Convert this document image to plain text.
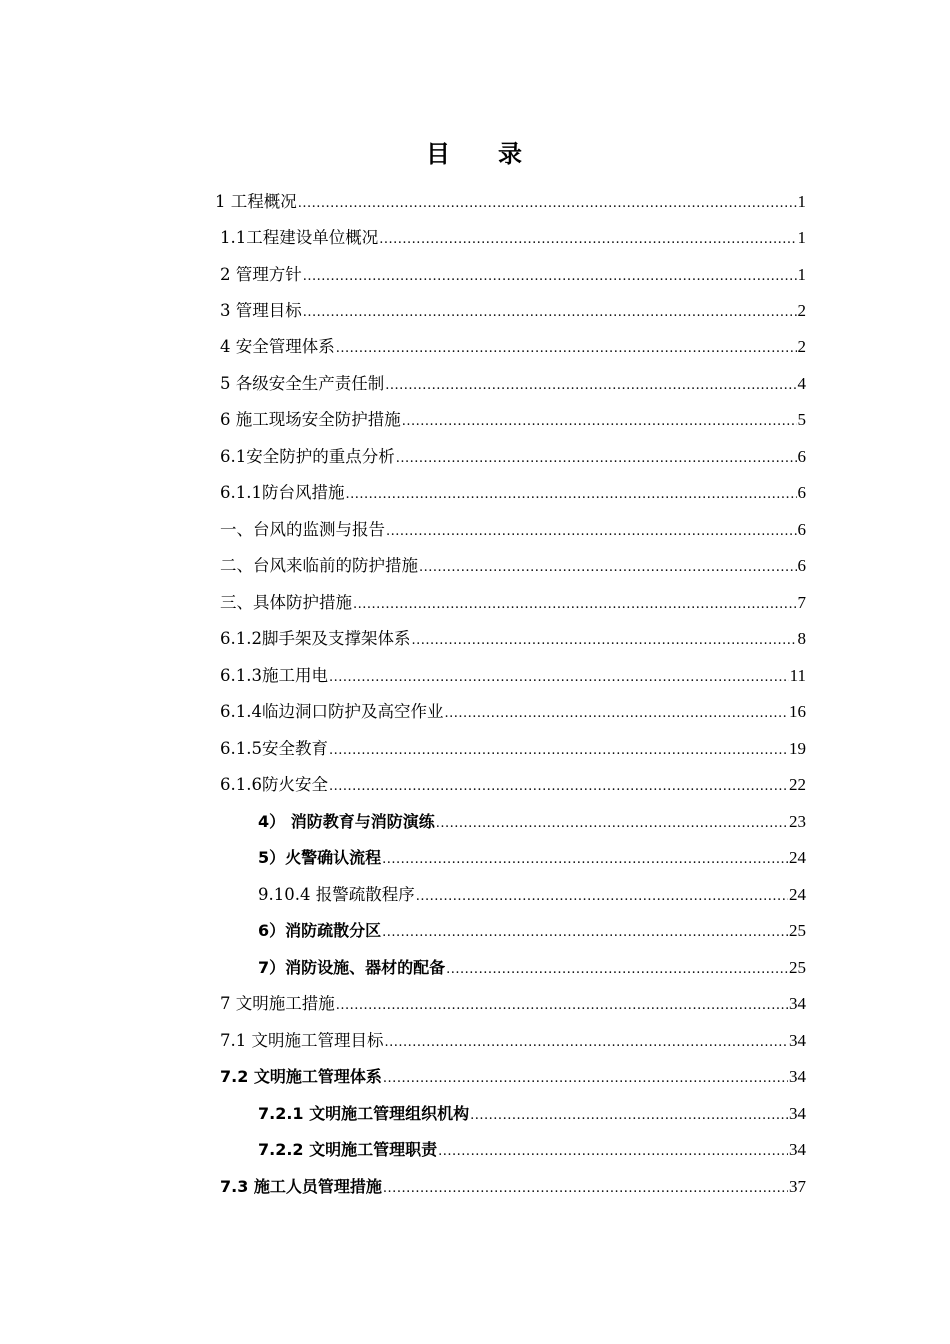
目 录
1 工程概况 .....	1
1.1工程建设单位概况 .....	1
2 管理方针 .....	1
3 管理目标 .....	2
4 安全管理体系 .....	2
5 各级安全生产责任制 .....	4
6 施工现场安全防护措施 .....	5
6.1安全防护的重点分析 .....	6
6.1.1防台风措施 .....	6
一、台风的监测与报告 .....	6
二、台风来临前的防护措施 .....	6
三、具体防护措施 .....	7
6.1.2脚手架及支撑架体系 .....	8
6.1.3施工用电 .....	11
6.1.4临边洞口防护及高空作业 .....	16
6.1.5安全教育 .....	19
6.1.6防火安全 .....	22
4） 消防教育与消防演练 .....	23
5）火警确认流程 .....	24
9.10.4 报警疏散程序 .....	24
6）消防疏散分区 .....	25
7）消防设施、器材的配备 .....	25
7 文明施工措施 .....	34
7.1 文明施工管理目标 .....	34
7.2 文明施工管理体系 .....	34
7.2.1 文明施工管理组织机构 .....	34
7.2.2 文明施工管理职责 .....	34
7.3 施工人员管理措施 .....	37
